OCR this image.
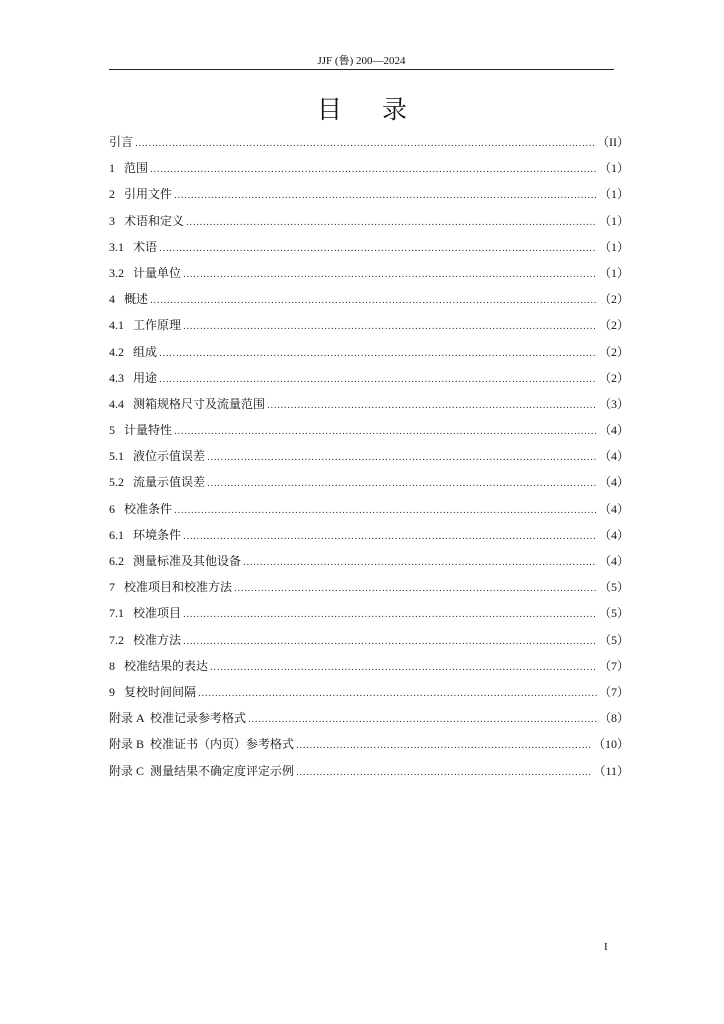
JJF (鲁) 200—2024
目录
引言 .....	（II）
1 范围 .....	（1）
2 引用文件 .....	（1）
3 术语和定义 .....	（1）
3.1 术语 .....	（1）
3.2 计量单位 .....	（1）
4 概述 .....	（2）
4.1 工作原理 .....	（2）
4.2 组成 .....	（2）
4.3 用途 .....	（2）
4.4 测箱规格尺寸及流量范围 .....	（3）
5 计量特性 .....	（4）
5.1 液位示值误差 .....	（4）
5.2 流量示值误差 .....	（4）
6 校准条件 .....	（4）
6.1 环境条件 .....	（4）
6.2 测量标准及其他设备 .....	（4）
7 校准项目和校准方法 .....	（5）
7.1 校准项目 .....	（5）
7.2 校准方法 .....	（5）
8 校准结果的表达 .....	（7）
9 复校时间间隔 .....	（7）
附录 A 校准记录参考格式 .....	（8）
附录 B 校准证书（内页）参考格式 .....	（10）
附录 C 测量结果不确定度评定示例 .....	（11）
I
